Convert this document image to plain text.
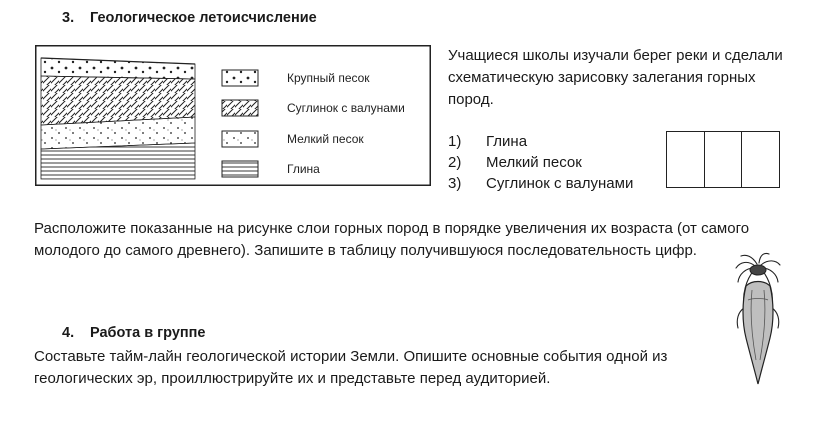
3. Геологическое летоисчисление
Крупный песок
Суглинок с валунами
Мелкий песок
Глина
Учащиеся школы изучали берег реки и сделали схематическую зарисовку залегания горных пород.
1) Глина
2) Мелкий песок
3) Суглинок с валунами
Расположите показанные на рисунке слои горных пород в порядке увеличения их возраста (от самого молодого до самого древнего). Запишите в таблицу получившуюся последовательность цифр.
4. Работа в группе
Составьте тайм-лайн геологической истории Земли. Опишите основные события одной из геологических эр, проиллюстрируйте их и представьте перед аудиторией.
